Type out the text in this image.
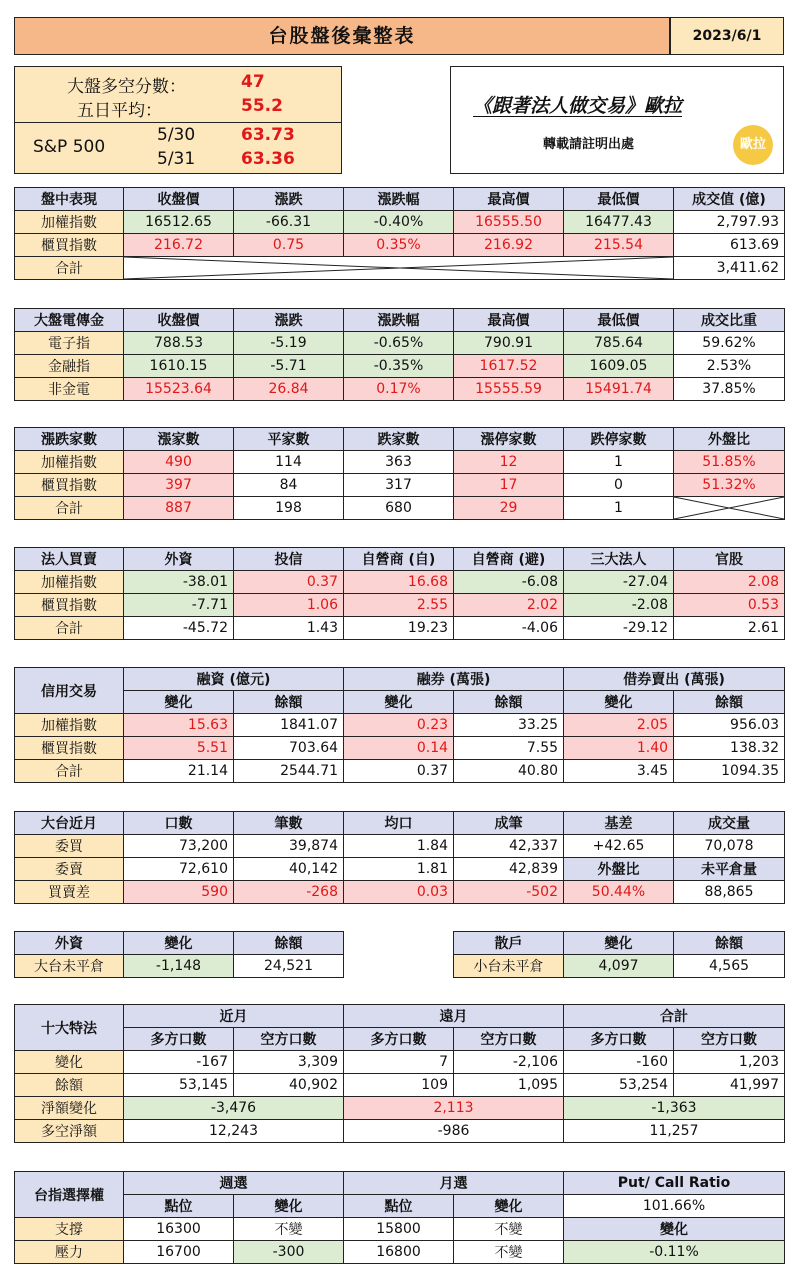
台股盤後彙整表	2023/6/1
大盤多空分數：	47
五日平均：	55.2
S&P 500
5/30	63.73
5/31	63.36
《跟著法人做交易》歐拉
轉載請註明出處	歐拉
盤中表現	收盤價	漲跌	漲跌幅	最高價	最低價	成交值 (億)
加權指數	16512.65	-66.31	-0.40%	16555.50	16477.43	2,797.93
櫃買指數	216.72	0.75	0.35%	216.92	215.54	613.69
合計						3,411.62
大盤電傳金	收盤價	漲跌	漲跌幅	最高價	最低價	成交比重
電子指	788.53	-5.19	-0.65%	790.91	785.64	59.62%
金融指	1610.15	-5.71	-0.35%	1617.52	1609.05	2.53%
非金電	15523.64	26.84	0.17%	15555.59	15491.74	37.85%
漲跌家數	漲家數	平家數	跌家數	漲停家數	跌停家數	外盤比
加權指數	490	114	363	12	1	51.85%
櫃買指數	397	84	317	17	0	51.32%
合計	887	198	680	29	1	
法人買賣	外資	投信	自營商 (自)	自營商 (避)	三大法人	官股
加權指數	-38.01	0.37	16.68	-6.08	-27.04	2.08
櫃買指數	-7.71	1.06	2.55	2.02	-2.08	0.53
合計	-45.72	1.43	19.23	-4.06	-29.12	2.61
信用交易	融資 (億元)		融券 (萬張)		借券賣出 (萬張)	
	變化	餘額	變化	餘額	變化	餘額
加權指數	15.63	1841.07	0.23	33.25	2.05	956.03
櫃買指數	5.51	703.64	0.14	7.55	1.40	138.32
合計	21.14	2544.71	0.37	40.80	3.45	1094.35
大台近月	口數	筆數	均口	成筆	基差	成交量
委買	73,200	39,874	1.84	42,337	+42.65	70,078
委賣	72,610	40,142	1.81	42,839	外盤比	未平倉量
買賣差	590	-268	0.03	-502	50.44%	88,865
外資	變化	餘額
大台未平倉	-1,148	24,521
散戶	變化	餘額
小台未平倉	4,097	4,565
十大特法	近月		遠月		合計	
	多方口數	空方口數	多方口數	空方口數	多方口數	空方口數
變化	-167	3,309	7	-2,106	-160	1,203
餘額	53,145	40,902	109	1,095	53,254	41,997
淨額變化	-3,476		2,113		-1,363	
多空淨額	12,243		-986		11,257	
台指選擇權	週選		月選		Put/ Call Ratio
	點位	變化	點位	變化	101.66%
支撐	16300	不變	15800	不變	變化
壓力	16700	-300	16800	不變	-0.11%
